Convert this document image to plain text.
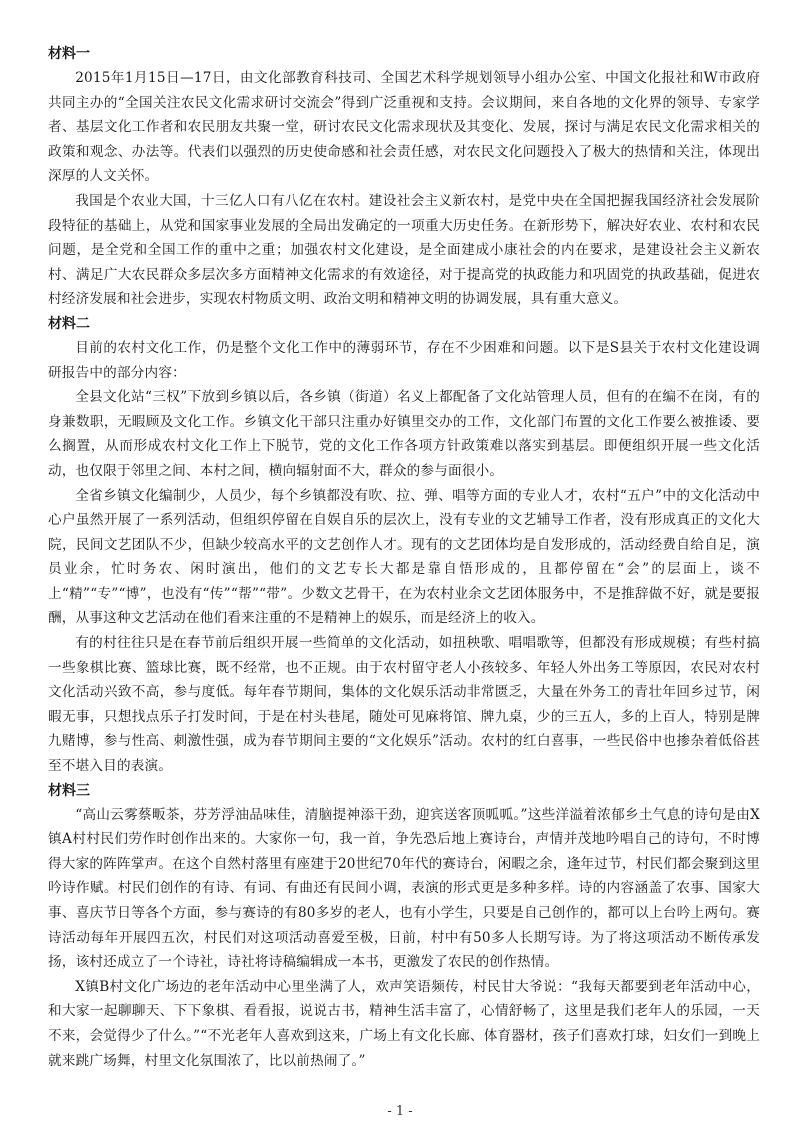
材料一

2015年1月15日—17日，由文化部教育科技司、全国艺术科学规划领导小组办公室、中国文化报社和W市政府共同主办的“全国关注农民文化需求研讨交流会”得到广泛重视和支持。会议期间，来自各地的文化界的领导、专家学者、基层文化工作者和农民朋友共聚一堂，研讨农民文化需求现状及其变化、发展，探讨与满足农民文化需求相关的政策和观念、办法等。代表们以强烈的历史使命感和社会责任感，对农民文化问题投入了极大的热情和关注，体现出深厚的人文关怀。

我国是个农业大国，十三亿人口有八亿在农村。建设社会主义新农村，是党中央在全国把握我国经济社会发展阶段特征的基础上，从党和国家事业发展的全局出发确定的一项重大历史任务。在新形势下，解决好农业、农村和农民问题，是全党和全国工作的重中之重；加强农村文化建设，是全面建成小康社会的内在要求，是建设社会主义新农村、满足广大农民群众多层次多方面精神文化需求的有效途径，对于提高党的执政能力和巩固党的执政基础，促进农村经济发展和社会进步，实现农村物质文明、政治文明和精神文明的协调发展，具有重大意义。

材料二

目前的农村文化工作，仍是整个文化工作中的薄弱环节，存在不少困难和问题。以下是S县关于农村文化建设调研报告中的部分内容：

全县文化站“三权”下放到乡镇以后，各乡镇（街道）名义上都配备了文化站管理人员，但有的在编不在岗，有的身兼数职，无暇顾及文化工作。乡镇文化干部只注重办好镇里交办的工作，文化部门布置的文化工作要么被推诿、要么搁置，从而形成农村文化工作上下脱节，党的文化工作各项方针政策难以落实到基层。即便组织开展一些文化活动，也仅限于邻里之间、本村之间，横向辐射面不大，群众的参与面很小。

全省乡镇文化编制少，人员少，每个乡镇都没有吹、拉、弹、唱等方面的专业人才，农村“五户”中的文化活动中心户虽然开展了一系列活动，但组织停留在自娱自乐的层次上，没有专业的文艺辅导工作者，没有形成真正的文化大院，民间文艺团队不少，但缺少较高水平的文艺创作人才。现有的文艺团体均是自发形成的，活动经费自给自足，演员业余，忙时务农、闲时演出，他们的文艺专长大都是靠自悟形成的，且都停留在“会”的层面上，谈不上“精”“专”“博”，也没有“传”“帮”“带”。少数文艺骨干，在为农村业余文艺团体服务中，不是推辞做不好，就是要报酬，从事这种文艺活动在他们看来注重的不是精神上的娱乐，而是经济上的收入。

有的村往往只是在春节前后组织开展一些简单的文化活动，如扭秧歌、唱唱歌等，但都没有形成规模；有些村搞一些象棋比赛、篮球比赛，既不经常，也不正规。由于农村留守老人小孩较多、年轻人外出务工等原因，农民对农村文化活动兴致不高，参与度低。每年春节期间，集体的文化娱乐活动非常匮乏，大量在外务工的青壮年回乡过节，闲暇无事，只想找点乐子打发时间，于是在村头巷尾，随处可见麻将馆、牌九桌，少的三五人，多的上百人，特别是牌九赌博，参与性高、刺激性强，成为春节期间主要的“文化娱乐”活动。农村的红白喜事，一些民俗中也掺杂着低俗甚至不堪入目的表演。

材料三

“高山云雾蔡畈茶，芬芳浮油品味佳，清脑提神添干劲，迎宾送客顶呱呱。”这些洋溢着浓郁乡土气息的诗句是由X镇A村村民们劳作时创作出来的。大家你一句，我一首，争先恐后地上赛诗台，声情并茂地吟唱自己的诗句，不时博得大家的阵阵掌声。在这个自然村落里有座建于20世纪70年代的赛诗台，闲暇之余，逢年过节，村民们都会聚到这里吟诗作赋。村民们创作的有诗、有词、有曲还有民间小调，表演的形式更是多种多样。诗的内容涵盖了农事、国家大事、喜庆节日等各个方面，参与赛诗的有80多岁的老人，也有小学生，只要是自己创作的，都可以上台吟上两句。赛诗活动每年开展四五次，村民们对这项活动喜爱至极，日前，村中有50多人长期写诗。为了将这项活动不断传承发扬，该村还成立了一个诗社，诗社将诗稿编辑成一本书，更激发了农民的创作热情。

X镇B村文化广场边的老年活动中心里坐满了人，欢声笑语频传，村民甘大爷说：“我每天都要到老年活动中心，和大家一起聊聊天、下下象棋、看看报，说说古书，精神生活丰富了，心情舒畅了，这里是我们老年人的乐园，一天不来，会觉得少了什么。”“不光老年人喜欢到这来，广场上有文化长廊、体育器材，孩子们喜欢打球，妇女们一到晚上就来跳广场舞，村里文化氛围浓了，比以前热闹了。”

- 1 -
